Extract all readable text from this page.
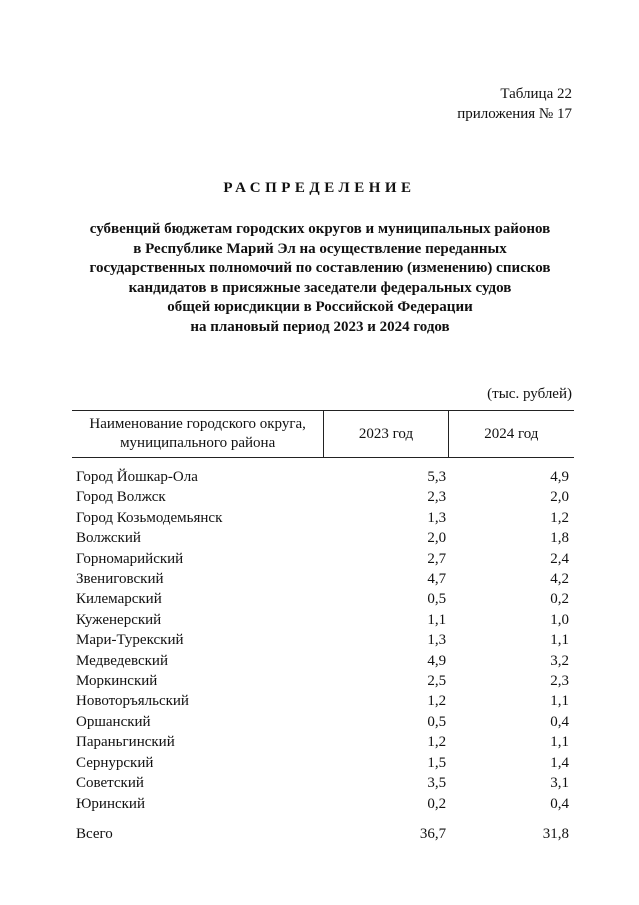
Таблица 22
приложения № 17
РАСПРЕДЕЛЕНИЕ
субвенций бюджетам городских округов и муниципальных районов
в Республике Марий Эл на осуществление переданных
государственных полномочий по составлению (изменению) списков
кандидатов в присяжные заседатели федеральных судов
общей юрисдикции в Российской Федерации
на плановый период 2023 и 2024 годов
(тыс. рублей)
Наименование городского округа,
муниципального района	2023 год	2024 год
Город Йошкар-Ола	5,3	4,9
Город Волжск	2,3	2,0
Город Козьмодемьянск	1,3	1,2
Волжский	2,0	1,8
Горномарийский	2,7	2,4
Звениговский	4,7	4,2
Килемарский	0,5	0,2
Куженерский	1,1	1,0
Мари-Турекский	1,3	1,1
Медведевский	4,9	3,2
Моркинский	2,5	2,3
Новоторъяльский	1,2	1,1
Оршанский	0,5	0,4
Параньгинский	1,2	1,1
Сернурский	1,5	1,4
Советский	3,5	3,1
Юринский	0,2	0,4
Всего	36,7	31,8
